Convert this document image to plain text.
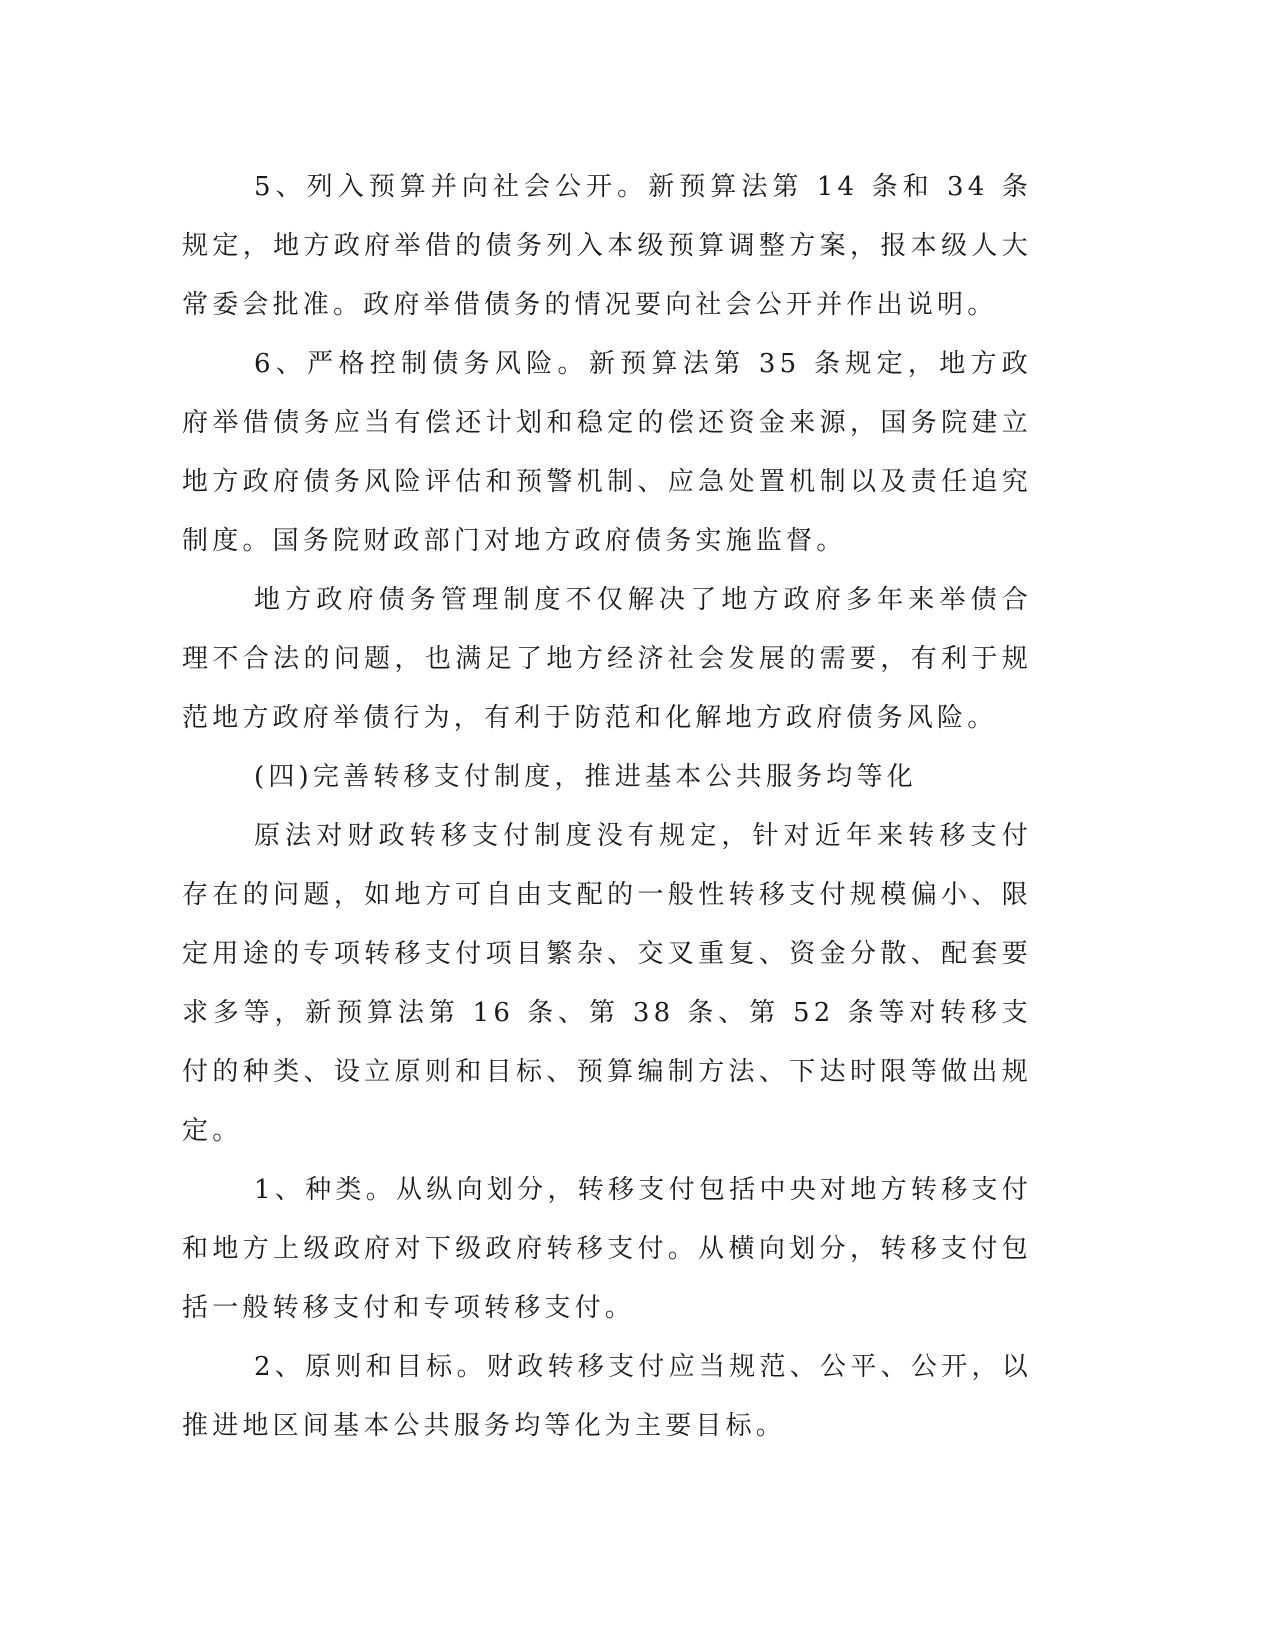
5、列入预算并向社会公开。新预算法第 14 条和 34 条规定，地方政府举借的债务列入本级预算调整方案，报本级人大常委会批准。政府举借债务的情况要向社会公开并作出说明。

6、严格控制债务风险。新预算法第 35 条规定，地方政府举借债务应当有偿还计划和稳定的偿还资金来源，国务院建立地方政府债务风险评估和预警机制、应急处置机制以及责任追究制度。国务院财政部门对地方政府债务实施监督。

地方政府债务管理制度不仅解决了地方政府多年来举债合理不合法的问题，也满足了地方经济社会发展的需要，有利于规范地方政府举债行为，有利于防范和化解地方政府债务风险。

(四)完善转移支付制度，推进基本公共服务均等化

原法对财政转移支付制度没有规定，针对近年来转移支付存在的问题，如地方可自由支配的一般性转移支付规模偏小、限定用途的专项转移支付项目繁杂、交叉重复、资金分散、配套要求多等，新预算法第 16 条、第 38 条、第 52 条等对转移支付的种类、设立原则和目标、预算编制方法、下达时限等做出规定。

1、种类。从纵向划分，转移支付包括中央对地方转移支付和地方上级政府对下级政府转移支付。从横向划分，转移支付包括一般转移支付和专项转移支付。

2、原则和目标。财政转移支付应当规范、公平、公开，以推进地区间基本公共服务均等化为主要目标。
